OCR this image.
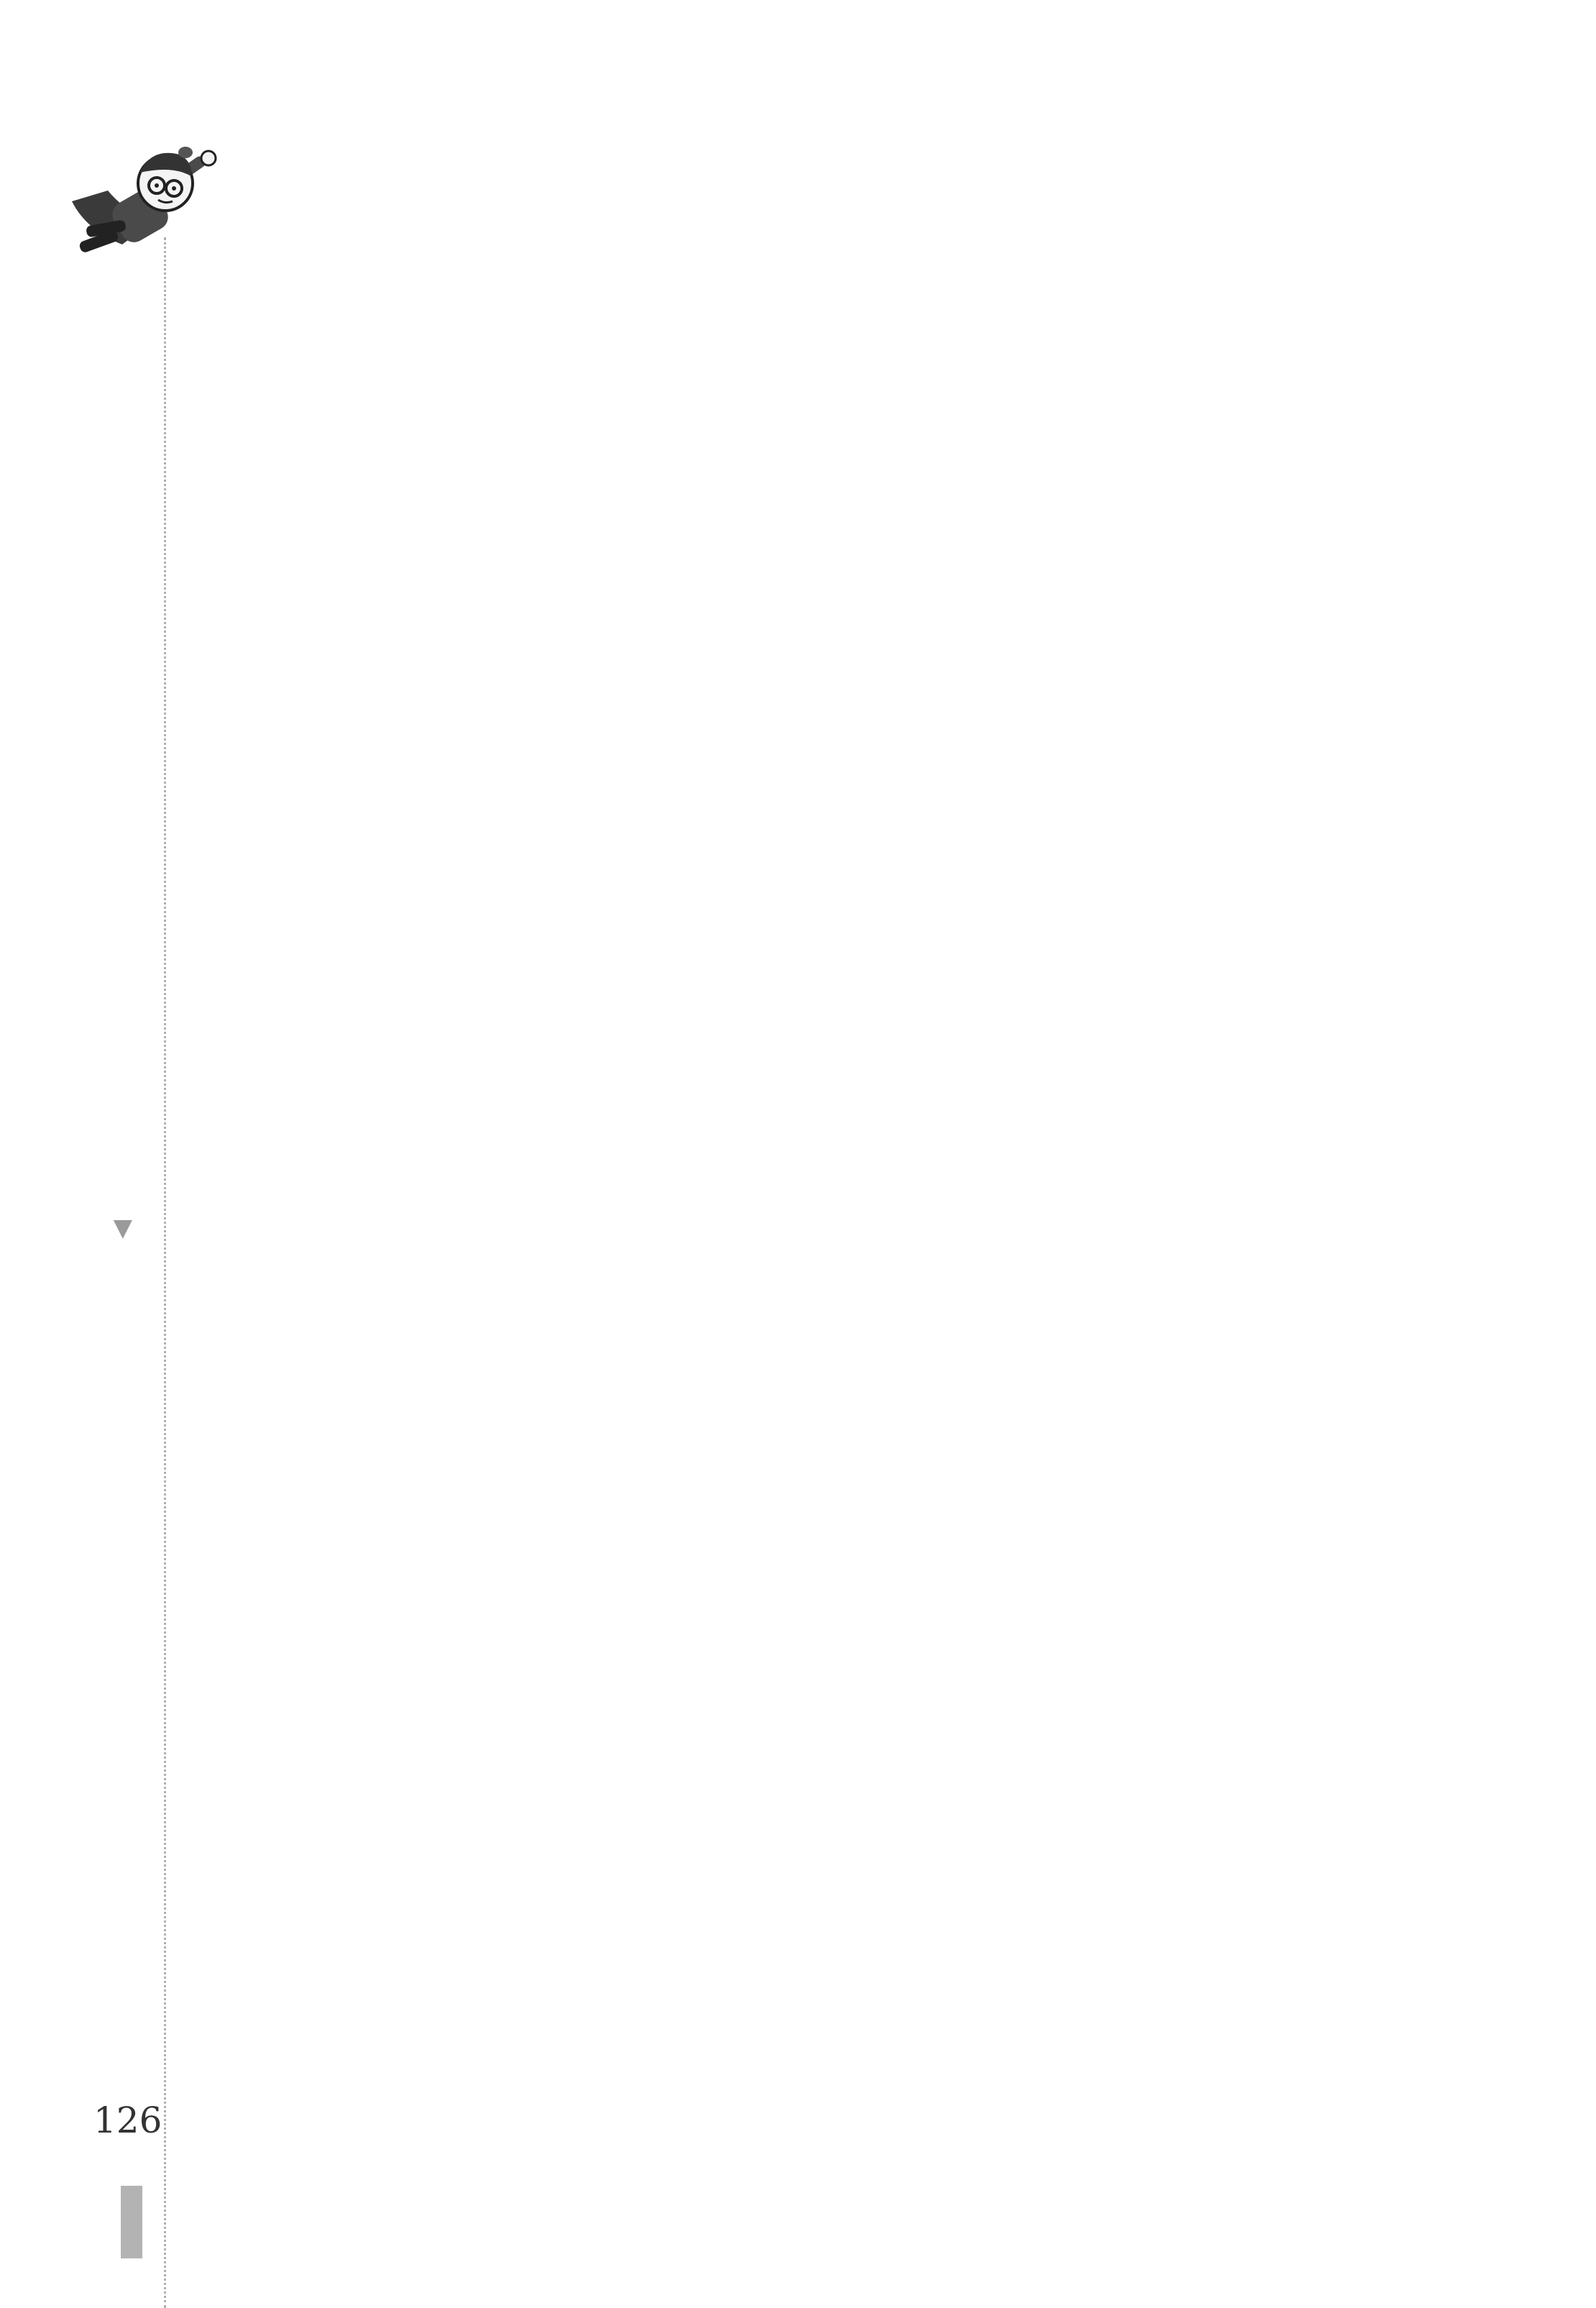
▶
126
